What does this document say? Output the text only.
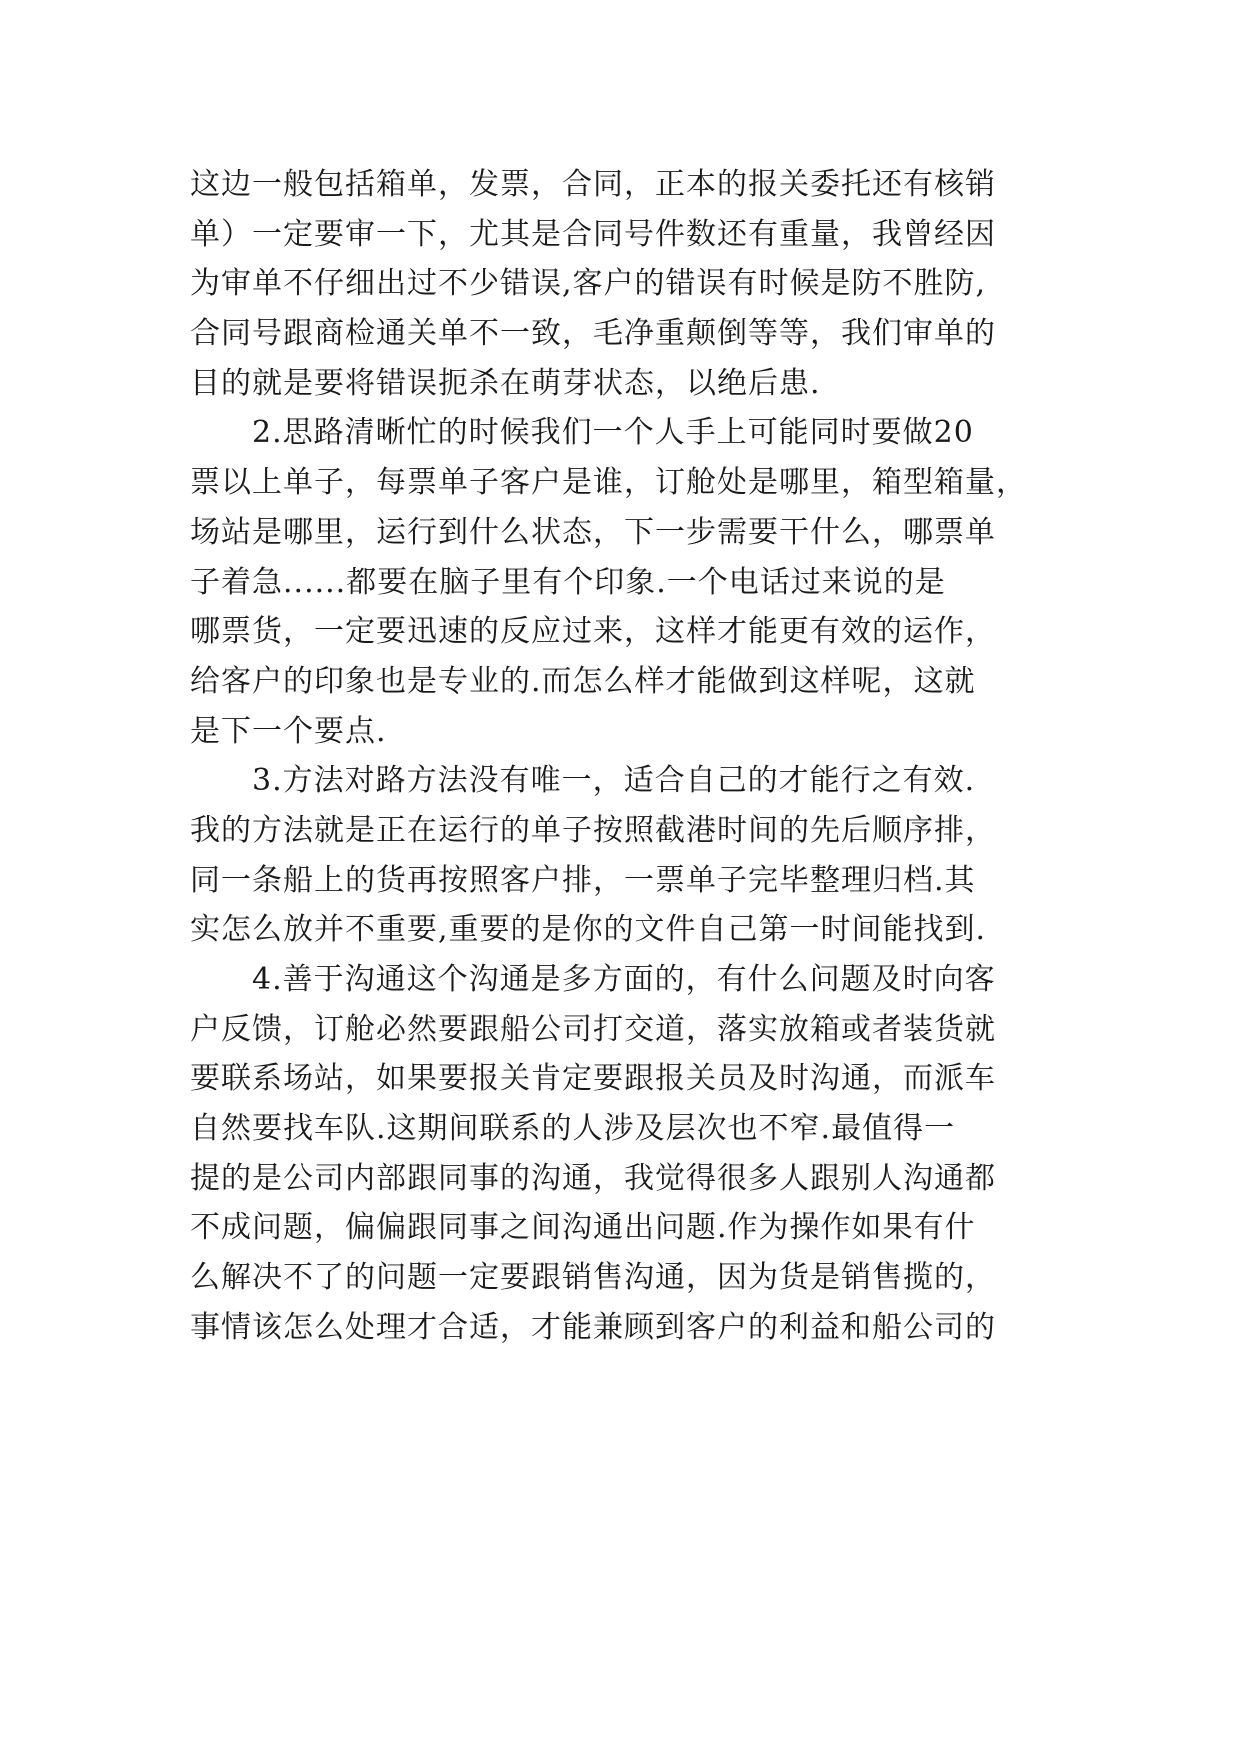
这边一般包括箱单，发票，合同，正本的报关委托还有核销
单）一定要审一下，尤其是合同号件数还有重量，我曾经因
为审单不仔细出过不少错误,客户的错误有时候是防不胜防,
合同号跟商检通关单不一致，毛净重颠倒等等，我们审单的
目的就是要将错误扼杀在萌芽状态，以绝后患.
2.思路清晰忙的时候我们一个人手上可能同时要做20
票以上单子，每票单子客户是谁，订舱处是哪里，箱型箱量，
场站是哪里，运行到什么状态，下一步需要干什么，哪票单
子着急......都要在脑子里有个印象.一个电话过来说的是
哪票货，一定要迅速的反应过来，这样才能更有效的运作，
给客户的印象也是专业的.而怎么样才能做到这样呢，这就
是下一个要点.
3.方法对路方法没有唯一，适合自己的才能行之有效.
我的方法就是正在运行的单子按照截港时间的先后顺序排，
同一条船上的货再按照客户排，一票单子完毕整理归档.其
实怎么放并不重要,重要的是你的文件自己第一时间能找到.
4.善于沟通这个沟通是多方面的，有什么问题及时向客
户反馈，订舱必然要跟船公司打交道，落实放箱或者装货就
要联系场站，如果要报关肯定要跟报关员及时沟通，而派车
自然要找车队.这期间联系的人涉及层次也不窄.最值得一
提的是公司内部跟同事的沟通，我觉得很多人跟别人沟通都
不成问题，偏偏跟同事之间沟通出问题.作为操作如果有什
么解决不了的问题一定要跟销售沟通，因为货是销售揽的，
事情该怎么处理才合适，才能兼顾到客户的利益和船公司的
